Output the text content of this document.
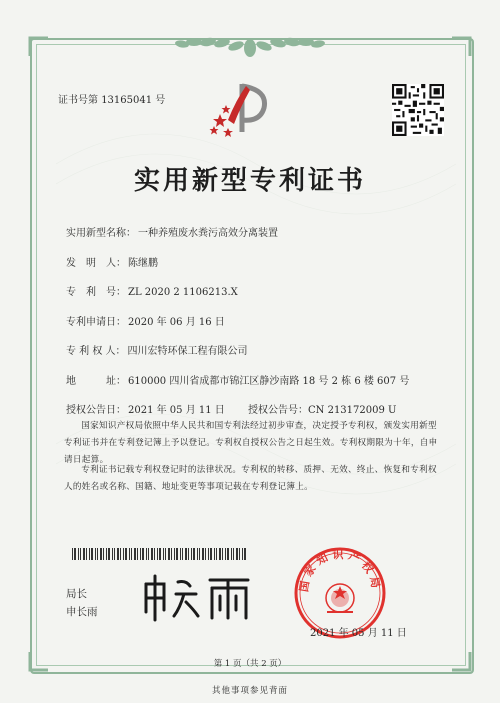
证书号第 13165041 号
实用新型专利证书
实用新型名称： 一种养殖废水粪污高效分离装置
发　明　人： 陈继鹏
专　利　号： ZL 2020 2 1106213.X
专利申请日： 2020 年 06 月 16 日
专 利 权 人： 四川宏特环保工程有限公司
地　　　址： 610000 四川省成都市锦江区静沙南路 18 号 2 栋 6 楼 607 号
授权公告日： 2021 年 05 月 11 日 授权公告号：CN 213172009 U
国家知识产权局依照中华人民共和国专利法经过初步审查，决定授予专利权，颁发实用新型专利证书并在专利登记簿上予以登记。专利权自授权公告之日起生效。专利权期限为十年，自申请日起算。
专利证书记载专利权登记时的法律状况。专利权的转移、质押、无效、终止、恢复和专利权人的姓名或名称、国籍、地址变更等事项记载在专利登记簿上。
局长
申长雨
国家知识产权局
2021 年 05 月 11 日
第 1 页（共 2 页）
其他事项参见背面
